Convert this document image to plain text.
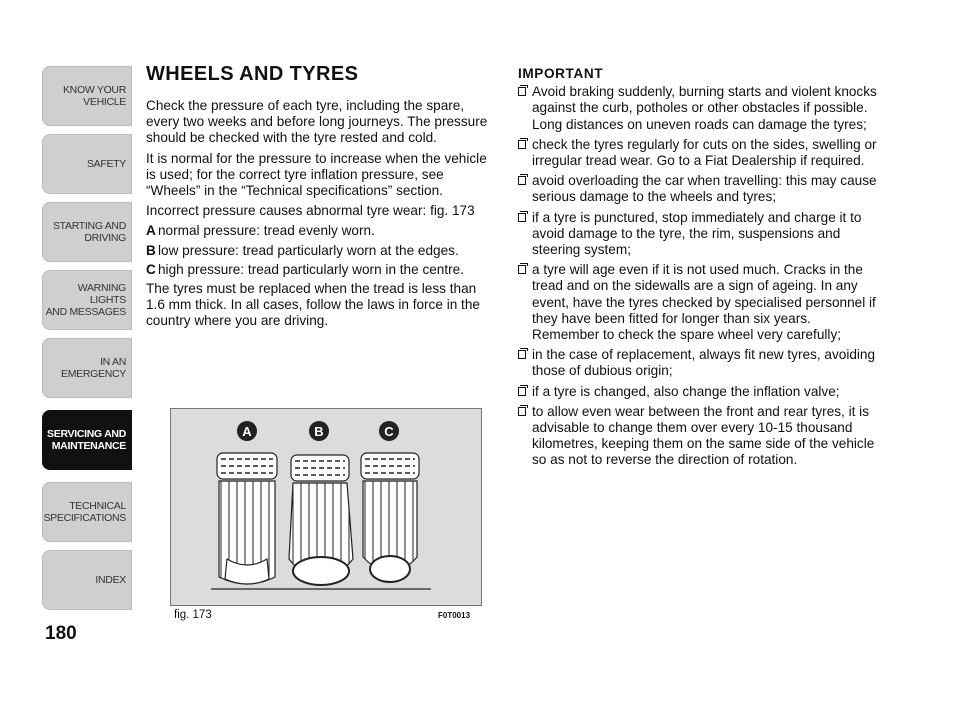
KNOW YOUR
VEHICLE
SAFETY
STARTING AND
DRIVING
WARNING LIGHTS
AND MESSAGES
IN AN EMERGENCY
SERVICING AND
MAINTENANCE
TECHNICAL
SPECIFICATIONS
INDEX
180
WHEELS AND TYRES

Check the pressure of each tyre, including the spare, every two weeks and before long journeys. The pressure should be checked with the tyre rested and cold.

It is normal for the pressure to increase when the vehicle is used; for the correct tyre inflation pressure, see “Wheels” in the “Technical specifications” section.

Incorrect pressure causes abnormal tyre wear: fig. 173

A normal pressure: tread evenly worn.
B low pressure: tread particularly worn at the edges.
C high pressure: tread particularly worn in the centre.

The tyres must be replaced when the tread is less than 1.6 mm thick. In all cases, follow the laws in force in the country where you are driving.

A	B	C
fig. 173	F0T0013
IMPORTANT
Avoid braking suddenly, burning starts and violent knocks against the curb, potholes or other obstacles if possible. Long distances on uneven roads can damage the tyres;
check the tyres regularly for cuts on the sides, swelling or irregular tread wear. Go to a Fiat Dealership if required.
avoid overloading the car when travelling: this may cause serious damage to the wheels and tyres;
if a tyre is punctured, stop immediately and charge it to avoid damage to the tyre, the rim, suspensions and steering system;
a tyre will age even if it is not used much. Cracks in the tread and on the sidewalls are a sign of ageing. In any event, have the tyres checked by specialised personnel if they have been fitted for longer than six years. Remember to check the spare wheel very carefully;
in the case of replacement, always fit new tyres, avoiding those of dubious origin;
if a tyre is changed, also change the inflation valve;
to allow even wear between the front and rear tyres, it is advisable to change them over every 10-15 thousand kilometres, keeping them on the same side of the vehicle so as not to reverse the direction of rotation.
